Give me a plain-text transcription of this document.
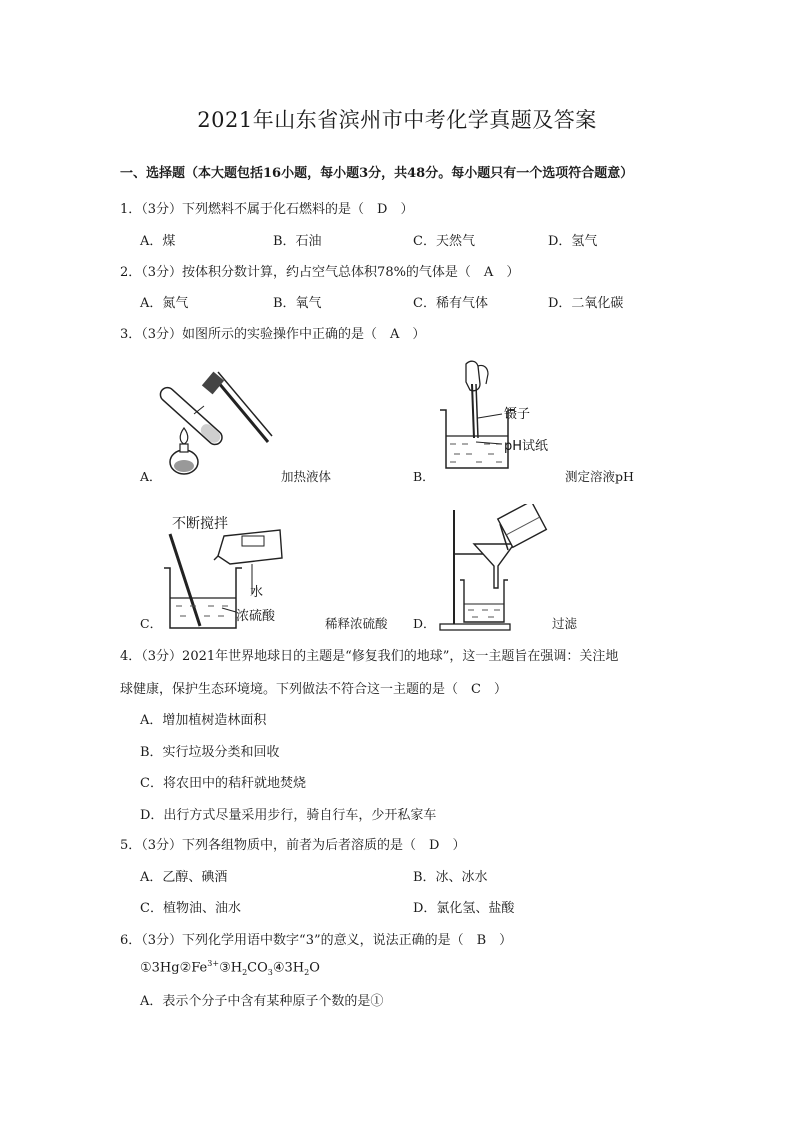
2021年山东省滨州市中考化学真题及答案
一、选择题（本大题包括16小题，每小题3分，共48分。每小题只有一个选项符合题意）
1．（3分）下列燃料不属于化石燃料的是（　D　）
A．煤	B．石油	C．天然气	D．氢气
2．（3分）按体积分数计算，约占空气总体积78%的气体是（　A　）
A．氮气	B．氧气	C．稀有气体	D．二氧化碳
3．（3分）如图所示的实验操作中正确的是（　A　）
A．	加热液体
镊子
pH试纸
B．	测定溶液pH
不断搅拌
水
浓硫酸
C．	稀释浓硫酸 D．	过滤
4．（3分）2021年世界地球日的主题是“修复我们的地球”，这一主题旨在强调：关注地
球健康，保护生态环境境。下列做法不符合这一主题的是（　C　）
A．增加植树造林面积
B．实行垃圾分类和回收
C．将农田中的秸秆就地焚烧
D．出行方式尽量采用步行，骑自行车，少开私家车
5．（3分）下列各组物质中，前者为后者溶质的是（　D　）
A．乙醇、碘酒	B．冰、冰水
C．植物油、油水	D．氯化氢、盐酸
6．（3分）下列化学用语中数字“3”的意义，说法正确的是（　B　）
$①3Hg②Fe^{3+}③H_2CO_3④3H_2O$
A．表示个分子中含有某种原子个数的是①
